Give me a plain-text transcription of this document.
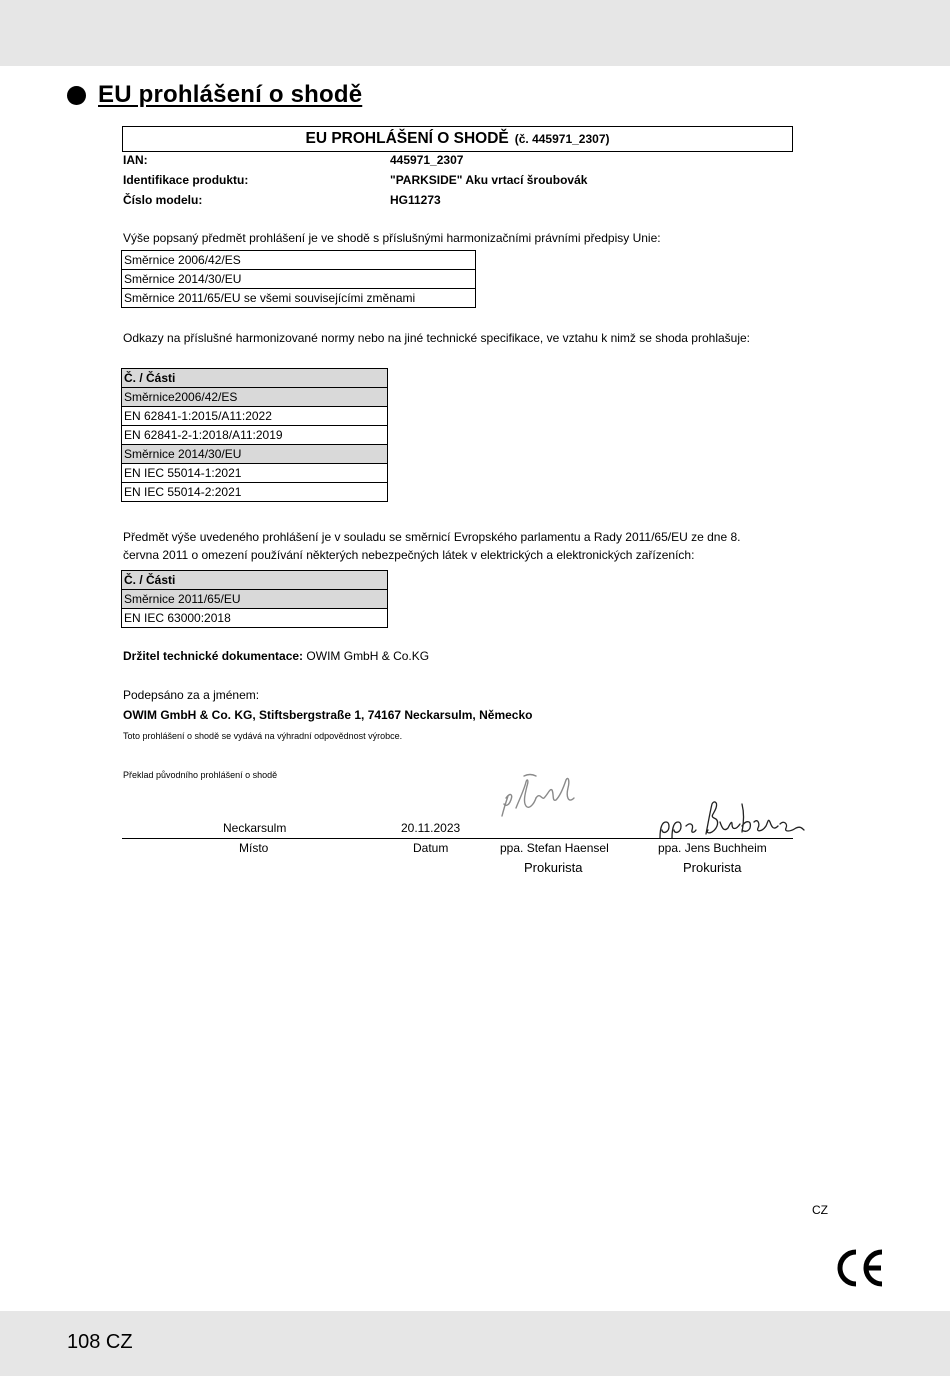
EU prohlášení o shodě
EU PROHLÁŠENÍ O SHODĚ (č. 445971_2307)
IAN:	445971_2307
Identifikace produktu:	"PARKSIDE" Aku vrtací šroubovák
Číslo modelu:	HG11273
Výše popsaný předmět prohlášení je ve shodě s příslušnými harmonizačními právními předpisy Unie:
Směrnice 2006/42/ES
Směrnice 2014/30/EU
Směrnice 2011/65/EU se všemi souvisejícími změnami
Odkazy na příslušné harmonizované normy nebo na jiné technické specifikace, ve vztahu k nimž se shoda prohlašuje:
Č. / Části
Směrnice2006/42/ES
EN 62841-1:2015/A11:2022
EN 62841-2-1:2018/A11:2019
Směrnice 2014/30/EU
EN IEC 55014-1:2021
EN IEC 55014-2:2021
Předmět výše uvedeného prohlášení je v souladu se směrnicí Evropského parlamentu a Rady 2011/65/EU ze dne 8.
června 2011 o omezení používání některých nebezpečných látek v elektrických a elektronických zařízeních:
Č. / Části
Směrnice 2011/65/EU
EN IEC 63000:2018
Držitel technické dokumentace: OWIM GmbH & Co.KG
Podepsáno za a jménem:
OWIM GmbH & Co. KG, Stiftsbergstraße 1, 74167 Neckarsulm, Německo
Toto prohlášení o shodě se vydává na výhradní odpovědnost výrobce.
Překlad původního prohlášení o shodě
Neckarsulm	20.11.2023
Místo	Datum	ppa. Stefan Haensel	ppa. Jens Buchheim
Prokurista	Prokurista
CZ
108 CZ
